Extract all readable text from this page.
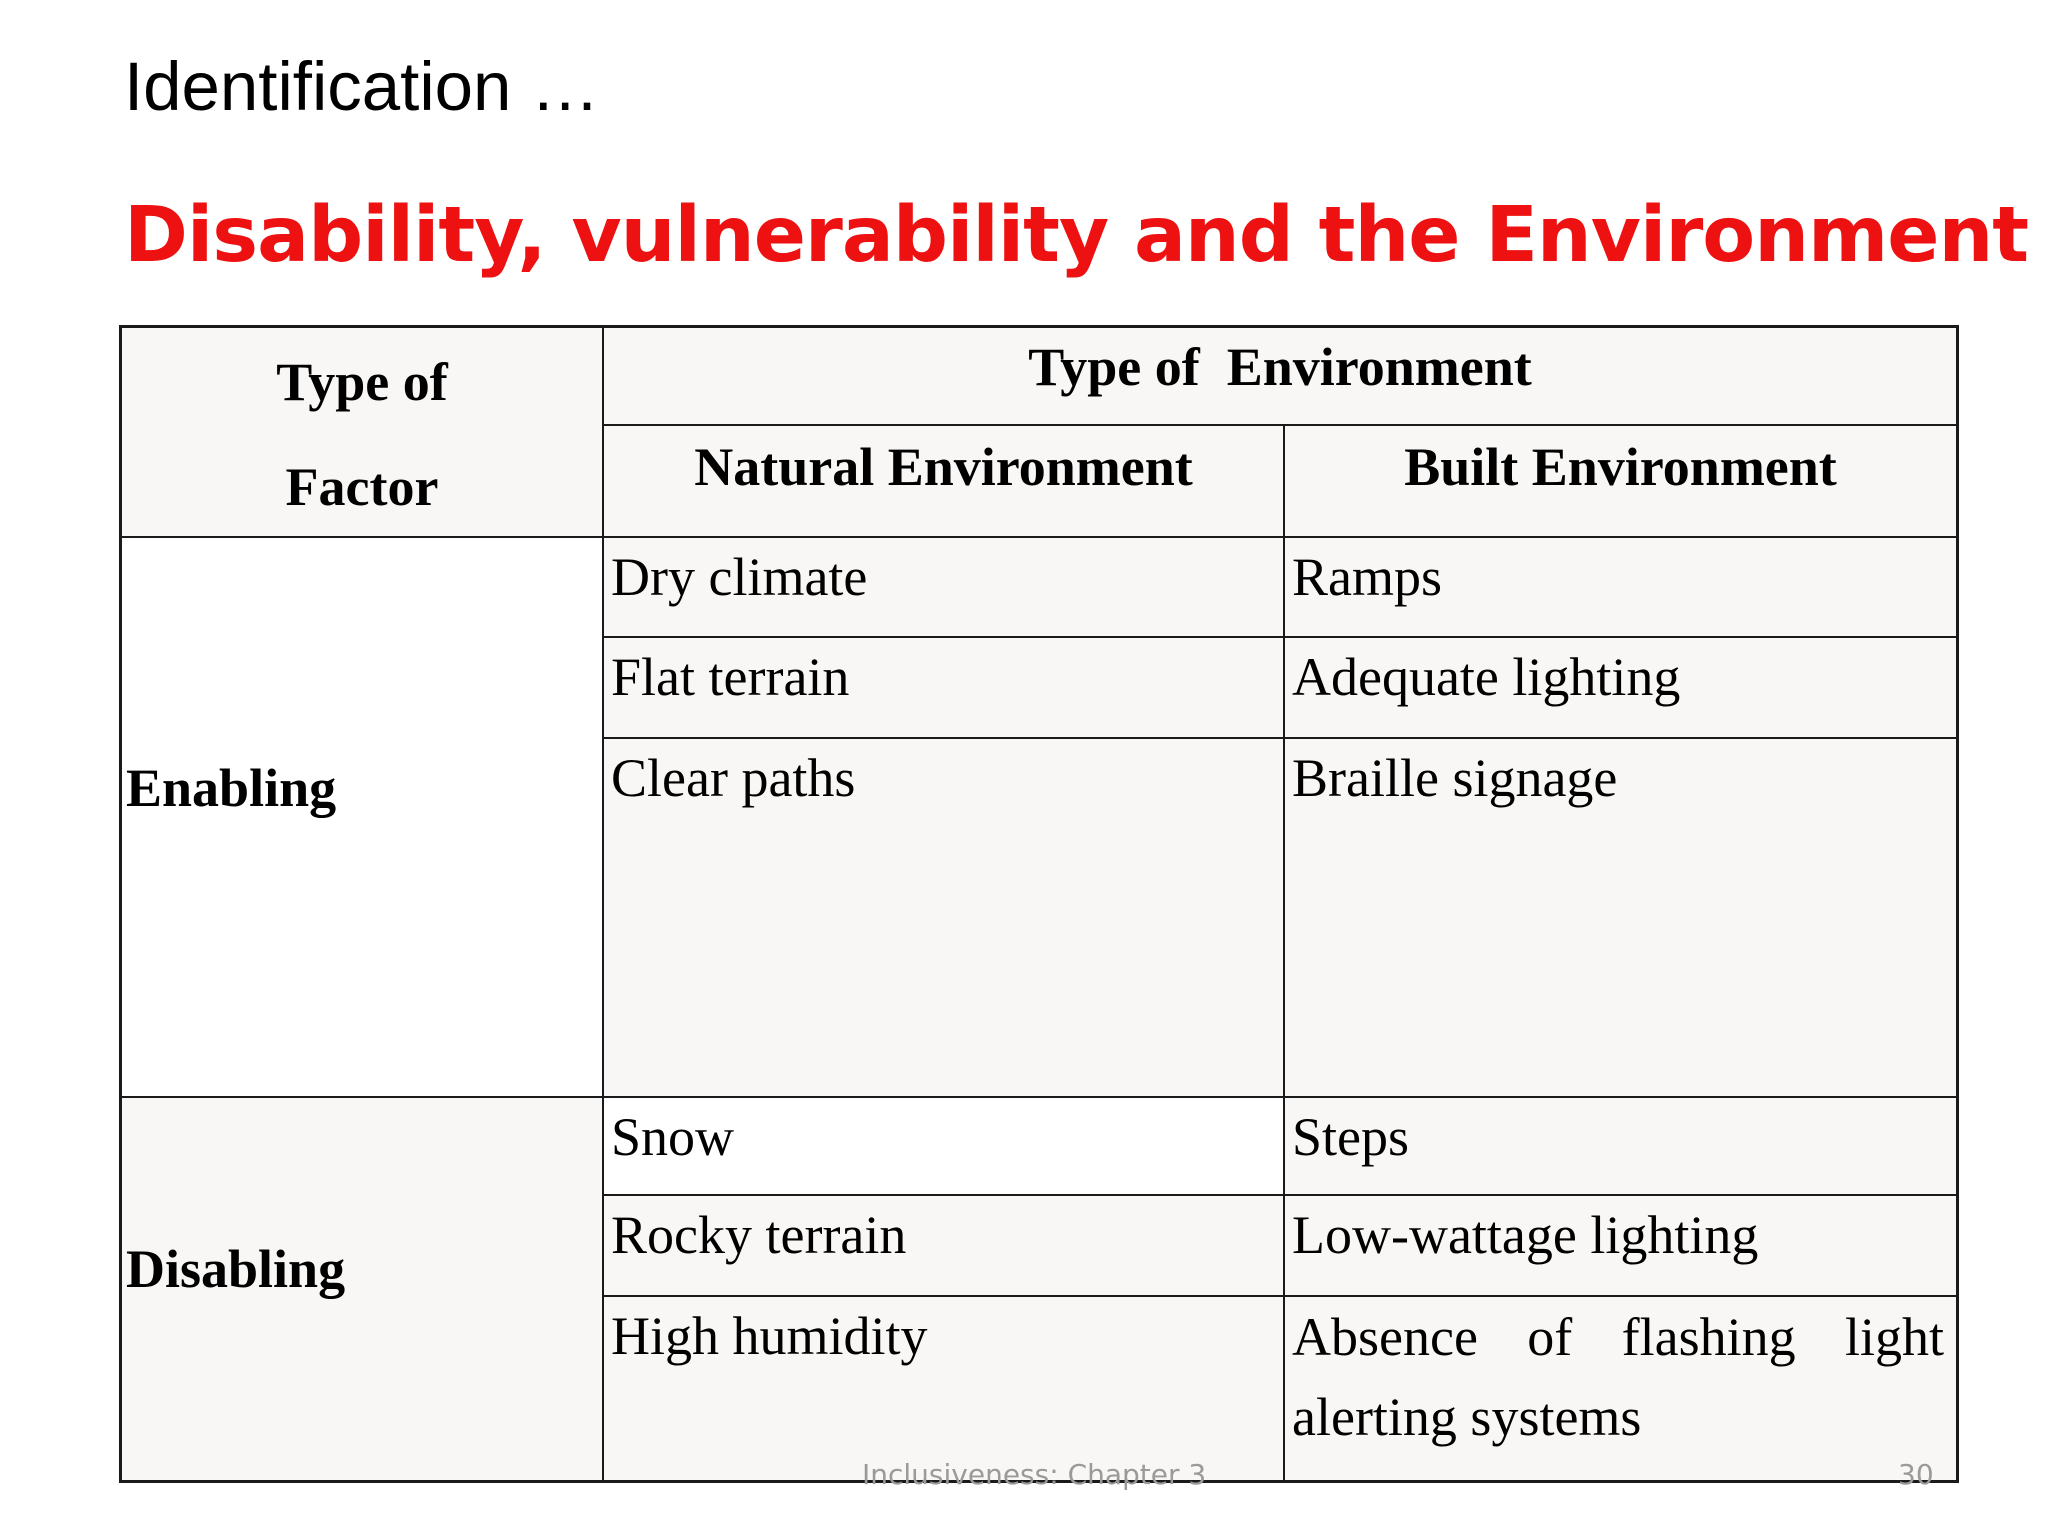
Identification …
Disability, vulnerability and the Environment
Type of
Factor
Type of  Environment
Natural Environment	Built Environment
Enabling
Dry climate	Ramps
Flat terrain	Adequate lighting
Clear paths	Braille signage
Disabling
Snow	Steps
Rocky terrain	Low-wattage lighting
High humidity	Absence of flashing light alerting systems
Inclusiveness: Chapter 3	30
